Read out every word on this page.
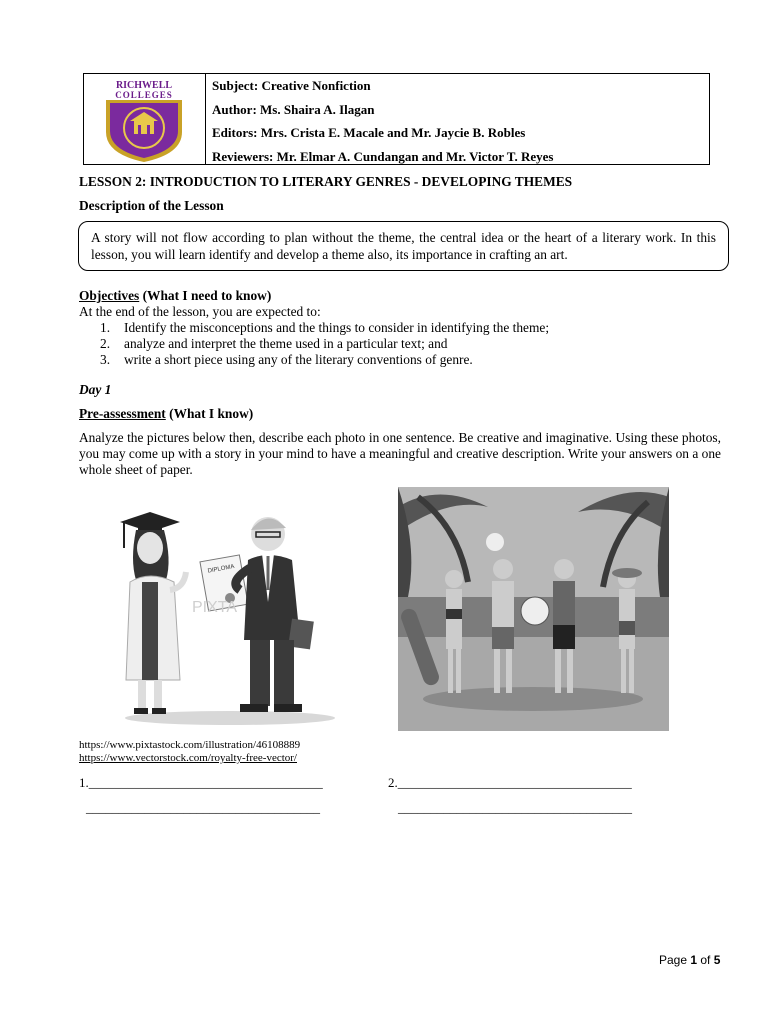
RICHWELL
COLLEGES
Subject: Creative Nonfiction
Author: Ms. Shaira A. Ilagan
Editors: Mrs. Crista E. Macale and Mr. Jaycie B. Robles
Reviewers: Mr. Elmar A. Cundangan and Mr. Victor T. Reyes
LESSON 2: INTRODUCTION TO LITERARY GENRES - DEVELOPING THEMES
Description of the Lesson
A story will not flow according to plan without the theme, the central idea or the heart of a literary work. In this lesson, you will learn identify and develop a theme also, its importance in crafting an art.
Objectives (What I need to know)
At the end of the lesson, you are expected to:
1. Identify the misconceptions and the things to consider in identifying the theme;
2. analyze and interpret the theme used in a particular text; and
3. write a short piece using any of the literary conventions of genre.
Day 1
Pre-assessment (What I know)
Analyze the pictures below then, describe each photo in one sentence. Be creative and imaginative. Using these photos, you may come up with a story in your mind to have a meaningful and creative description. Write your answers on a one whole sheet of paper.
DIPLOMA
PIXTA
https://www.pixtastock.com/illustration/46108889
https://www.vectorstock.com/royalty-free-vector/
1.____________________________________
____________________________________
2.____________________________________
____________________________________
Page 1 of 5
